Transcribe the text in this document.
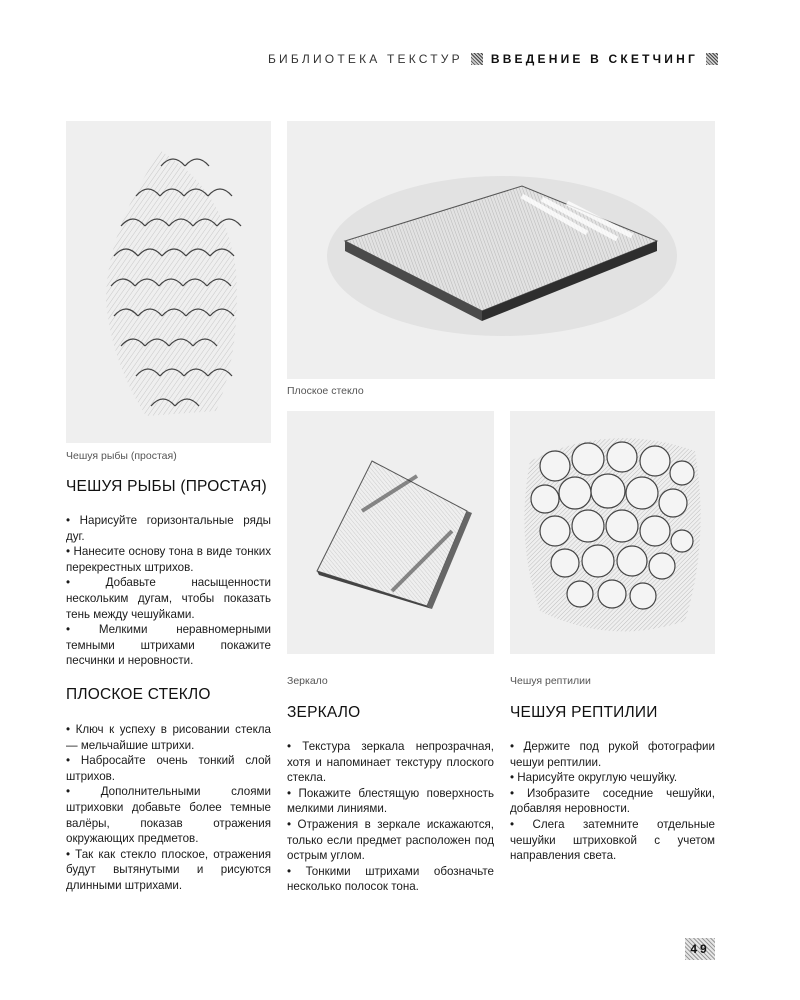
БИБЛИОТЕКА ТЕКСТУР ВВЕДЕНИЕ В СКЕТЧИНГ
Плоское стекло
Чешуя рыбы (простая)
Зеркало	Чешуя рептилии
ЧЕШУЯ РЫБЫ (ПРОСТАЯ)

• Нарисуйте горизонтальные ряды дуг.

• Нанесите основу тона в виде тонких перекрестных штрихов.

• Добавьте насыщенности нескольким дугам, чтобы показать тень между чешуйками.

• Мелкими неравномерными темными штрихами покажите песчинки и неровности.

ПЛОСКОЕ СТЕКЛО

• Ключ к успеху в рисовании стекла — мельчайшие штрихи.

• Набросайте очень тонкий слой штрихов.

• Дополнительными слоями штриховки добавьте более темные валёры, показав отражения окружающих предметов.

• Так как стекло плоское, отражения будут вытянутыми и рисуются длинными штрихами.

ЗЕРКАЛО

• Текстура зеркала непрозрачная, хотя и напоминает текстуру плоского стекла.

• Покажите блестящую поверхность мелкими линиями.

• Отражения в зеркале искажаются, только если предмет расположен под острым углом.

• Тонкими штрихами обозначьте несколько полосок тона.

ЧЕШУЯ РЕПТИЛИИ

• Держите под рукой фотографии чешуи рептилии.

• Нарисуйте округлую чешуйку.

• Изобразите соседние чешуйки, добавляя неровности.

• Слега затемните отдельные чешуйки штриховкой с учетом направления света.

49
